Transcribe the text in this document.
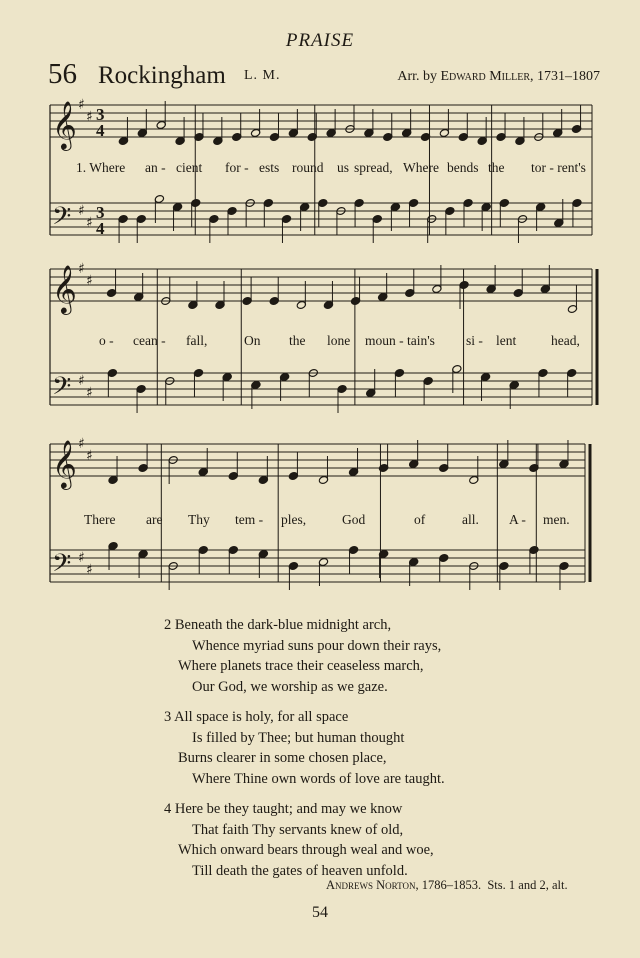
PRAISE
56 Rockingham L. M.	Arr. by Edward Miller, 1731–1807
𝄞
𝄢
♯
♯
♯
♯
3
4
3
4
1. Where an - cient for - ests round us spread, Where bends the tor - rent's
𝄞
𝄢
♯
♯
♯
♯
o - cean - fall,	On the lone moun - tain's si - lent	head,
𝄞
𝄢
♯
♯
♯
♯
There are Thy tem - ples,	God	of	all. A - men.
2 Beneath the dark-blue midnight arch,
Whence myriad suns pour down their rays,
Where planets trace their ceaseless march,
Our God, we worship as we gaze.
3 All space is holy, for all space
Is filled by Thee; but human thought
Burns clearer in some chosen place,
Where Thine own words of love are taught.
4 Here be they taught; and may we know
That faith Thy servants knew of old,
Which onward bears through weal and woe,
Till death the gates of heaven unfold.
Andrews Norton, 1786–1853. Sts. 1 and 2, alt.
54
